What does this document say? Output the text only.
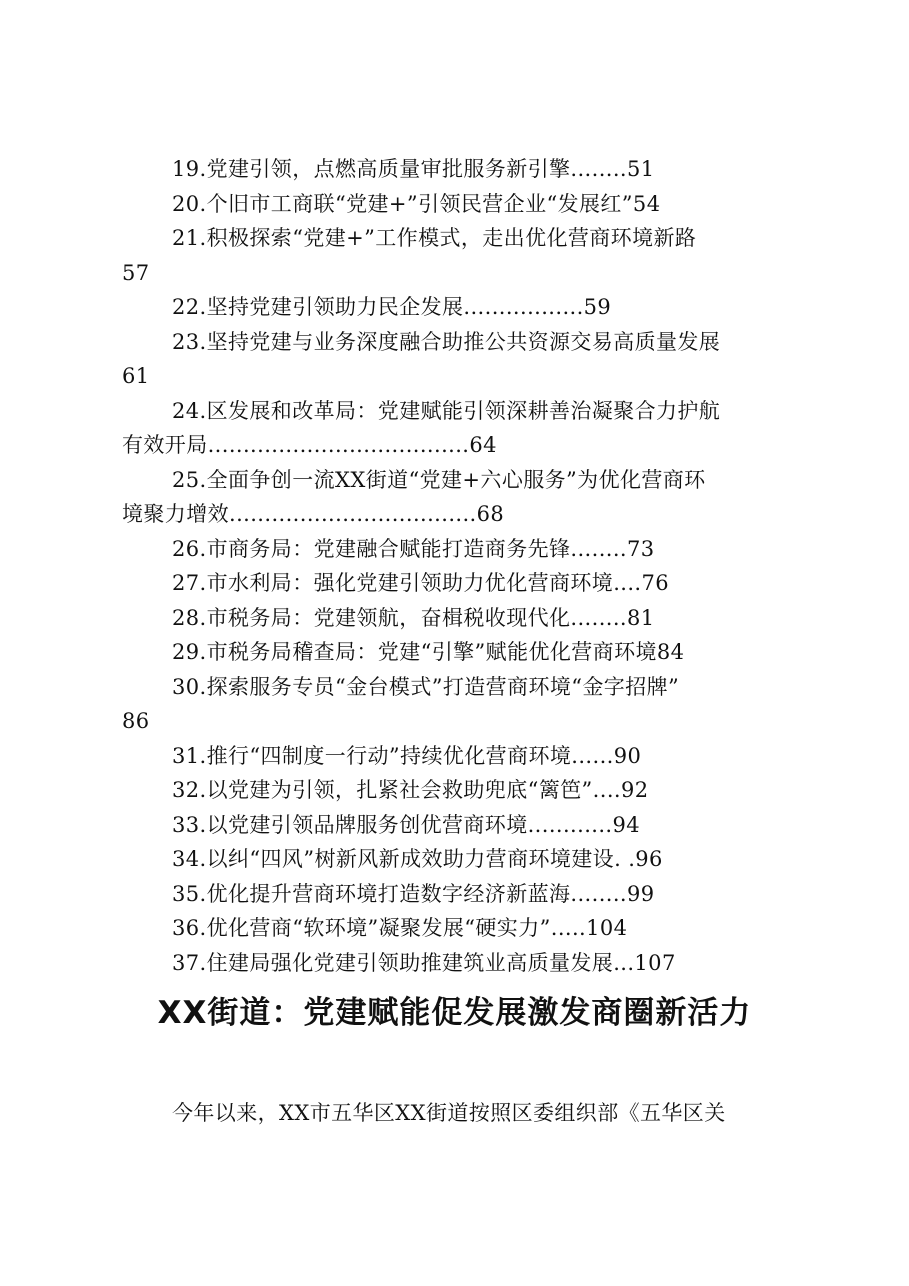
19.党建引领，点燃高质量审批服务新引擎........51
20.个旧市工商联“党建+”引领民营企业“发展红”54
21.积极探索“党建+”工作模式，走出优化营商环境新路
57
22.坚持党建引领助力民企发展.................59
23.坚持党建与业务深度融合助推公共资源交易高质量发展
61
24.区发展和改革局：党建赋能引领深耕善治凝聚合力护航
有效开局.....................................64
25.全面争创一流XX街道“党建+六心服务”为优化营商环
境聚力增效...................................68
26.市商务局：党建融合赋能打造商务先锋........73
27.市水利局：强化党建引领助力优化营商环境....76
28.市税务局：党建领航，奋楫税收现代化........81
29.市税务局稽查局：党建“引擎”赋能优化营商环境84
30.探索服务专员“金台模式”打造营商环境“金字招牌”
86
31.推行“四制度一行动”持续优化营商环境......90
32.以党建为引领，扎紧社会救助兜底“篱笆”....92
33.以党建引领品牌服务创优营商环境............94
34.以纠“四风”树新风新成效助力营商环境建设. .96
35.优化提升营商环境打造数字经济新蓝海........99
36.优化营商“软环境”凝聚发展“硬实力”.....104
37.住建局强化党建引领助推建筑业高质量发展...107
XX街道：党建赋能促发展激发商圈新活力
今年以来，XX市五华区XX街道按照区委组织部《五华区关
